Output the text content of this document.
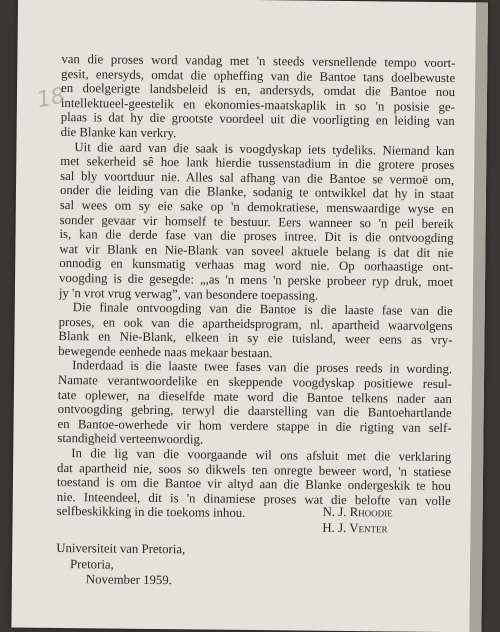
18
van die proses word vandag met 'n steeds versnellende tempo voort-
gesit, enersyds, omdat die opheffing van die Bantoe tans doelbewuste
en doelgerigte landsbeleid is en, andersyds, omdat die Bantoe nou
intellektueel-geestelik en ekonomies-maatskaplik in so 'n posisie ge-
plaas is dat hy die grootste voordeel uit die voorligting en leiding van
die Blanke kan verkry.
Uit die aard van die saak is voogdyskap iets tydeliks. Niemand kan
met sekerheid sê hoe lank hierdie tussenstadium in die grotere proses
sal bly voortduur nie. Alles sal afhang van die Bantoe se vermoë om,
onder die leiding van die Blanke, sodanig te ontwikkel dat hy in staat
sal wees om sy eie sake op 'n demokratiese, menswaardige wyse en
sonder gevaar vir homself te bestuur. Eers wanneer so 'n peil bereik
is, kan die derde fase van die proses intree. Dit is die ontvoogding
wat vir Blank en Nie-Blank van soveel aktuele belang is dat dit nie
onnodig en kunsmatig verhaas mag word nie. Op oorhaastige ont-
voogding is die gesegde: „,as 'n mens 'n perske probeer ryp druk, moet
jy 'n vrot vrug verwag”, van besondere toepassing.
Die finale ontvoogding van die Bantoe is die laaste fase van die
proses, en ook van die apartheidsprogram, nl. apartheid waarvolgens
Blank en Nie-Blank, elkeen in sy eie tuisland, weer eens as vry-
bewegende eenhede naas mekaar bestaan.
Inderdaad is die laaste twee fases van die proses reeds in wording.
Namate verantwoordelike en skeppende voogdyskap positiewe resul-
tate oplewer, na dieselfde mate word die Bantoe telkens nader aan
ontvoogding gebring, terwyl die daarstelling van die Bantoehartlande
en Bantoe-owerhede vir hom verdere stappe in die rigting van self-
standigheid verteenwoordig.
In die lig van die voorgaande wil ons afsluit met die verklaring
dat apartheid nie, soos so dikwels ten onregte beweer word, 'n statiese
toestand is om die Bantoe vir altyd aan die Blanke ondergeskik te hou
nie. Inteendeel, dit is 'n dinamiese proses wat die belofte van volle
selfbeskikking in die toekoms inhou.	N. J. Rhoodie
H. J. Venter
Universiteit van Pretoria,
Pretoria,
November 1959.
